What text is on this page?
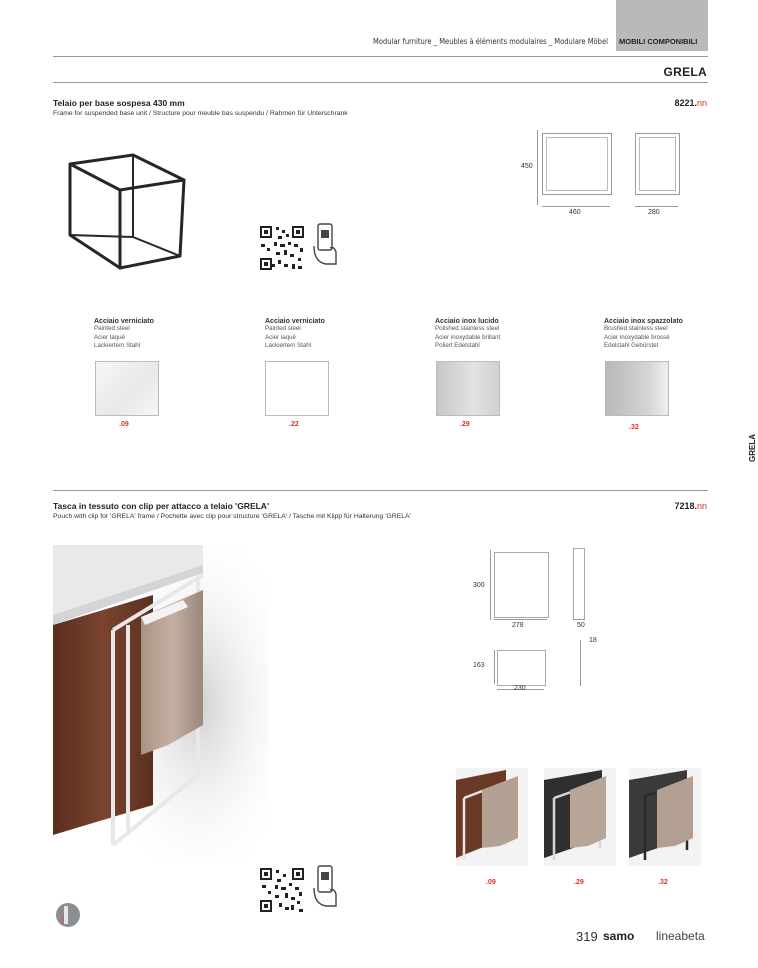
Modular furniture _ Meubles à éléments modulaires _ Modulare Möbel MOBILI COMPONIBILI
GRELA
Telaio per base sospesa 430 mm
Frame for suspended base unit / Structure pour meuble bas suspendu / Rahmen für Unterschrank
8221.nn
450
460	280
Acciaio verniciato
Painted steel
Acier laqué
Lackiertem Stahl
.09
Acciaio verniciato
Painted steel
Acier laqué
Lackiertem Stahl
.22
Acciaio inox lucido
Polished stainless steel
Acier inoxydable brillant
Poliert Edelstahl
.29
Acciaio inox spazzolato
Brushed stainless steel
Acier inoxydable brossé
Edelstahl Gebürstet
.32
GRELA
Tasca in tessuto con clip per attacco a telaio 'GRELA'
Pouch with clip for 'GRELA' frame / Pochette avec clip pour structure 'GRELA' / Tasche mit Klipp für Halterung 'GRELA'
7218.nn
300
278	50
18
163
230
.09	.29	.32
ITALY
319 samo lineabeta
